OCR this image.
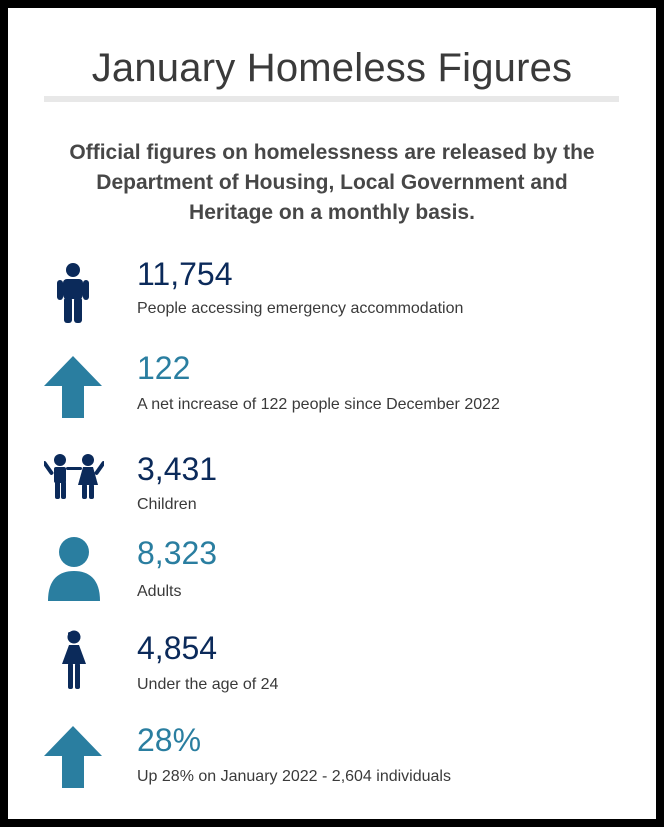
January Homeless Figures
Official figures on homelessness are released by the Department of Housing, Local Government and Heritage on a monthly basis.
11,754
People accessing emergency accommodation
122
A net increase of 122 people since December 2022
3,431
Children
8,323
Adults
4,854
Under the age of 24
28%
Up 28% on January 2022 - 2,604 individuals
